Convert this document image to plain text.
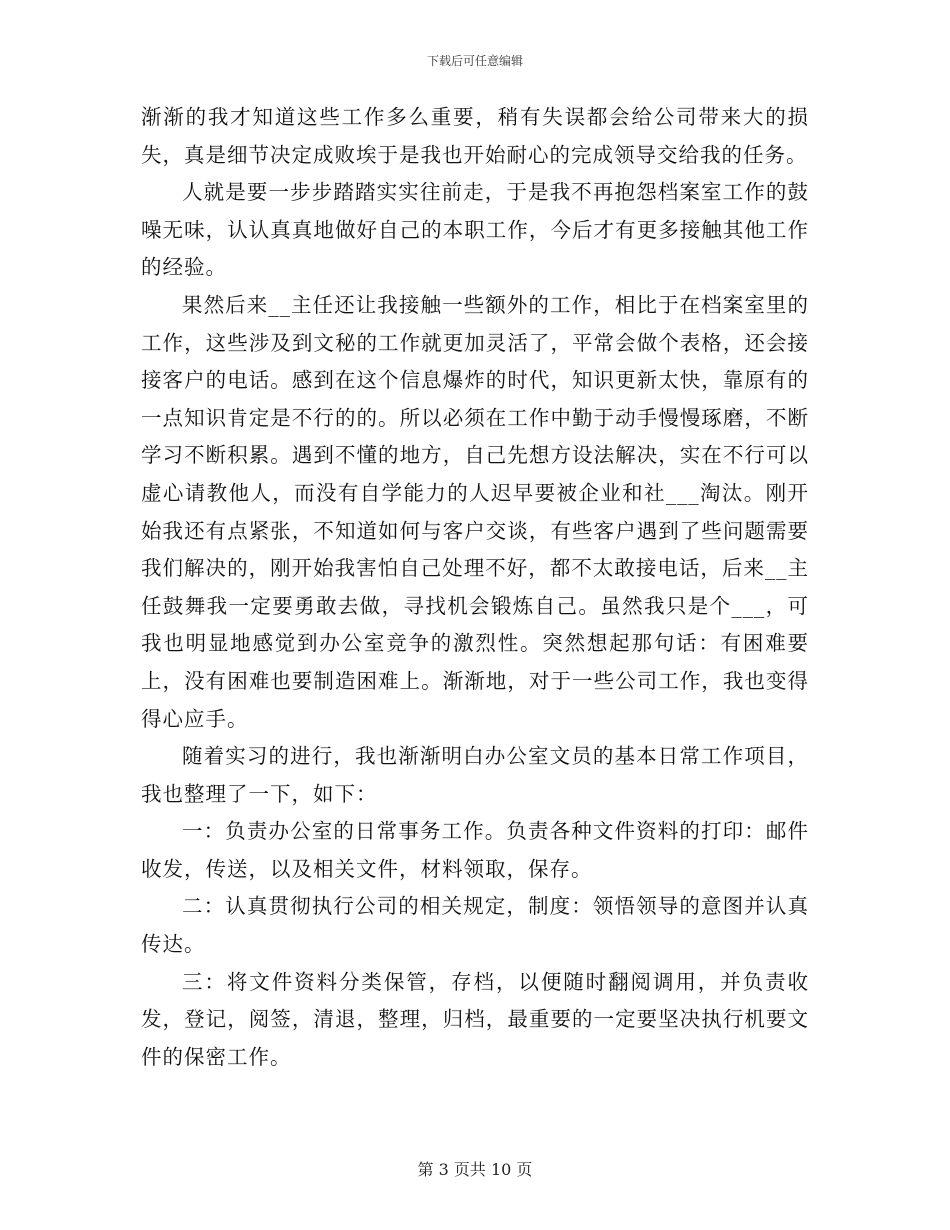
下载后可任意编辑

渐渐的我才知道这些工作多么重要，稍有失误都会给公司带来大的损失，真是细节决定成败埃于是我也开始耐心的完成领导交给我的任务。

人就是要一步步踏踏实实往前走，于是我不再抱怨档案室工作的鼓噪无味，认认真真地做好自己的本职工作，今后才有更多接触其他工作的经验。

果然后来__主任还让我接触一些额外的工作，相比于在档案室里的工作，这些涉及到文秘的工作就更加灵活了，平常会做个表格，还会接接客户的电话。感到在这个信息爆炸的时代，知识更新太快，靠原有的一点知识肯定是不行的的。所以必须在工作中勤于动手慢慢琢磨，不断学习不断积累。遇到不懂的地方，自己先想方设法解决，实在不行可以虚心请教他人，而没有自学能力的人迟早要被企业和社___淘汰。刚开始我还有点紧张，不知道如何与客户交谈，有些客户遇到了些问题需要我们解决的，刚开始我害怕自己处理不好，都不太敢接电话，后来__主任鼓舞我一定要勇敢去做，寻找机会锻炼自己。虽然我只是个___，可我也明显地感觉到办公室竞争的激烈性。突然想起那句话：有困难要上，没有困难也要制造困难上。渐渐地，对于一些公司工作，我也变得得心应手。

随着实习的进行，我也渐渐明白办公室文员的基本日常工作项目，我也整理了一下，如下：

一：负责办公室的日常事务工作。负责各种文件资料的打印：邮件收发，传送，以及相关文件，材料领取，保存。

二：认真贯彻执行公司的相关规定，制度：领悟领导的意图并认真传达。

三：将文件资料分类保管，存档，以便随时翻阅调用，并负责收发，登记，阅签，清退，整理，归档，最重要的一定要坚决执行机要文件的保密工作。

第 3 页共 10 页
